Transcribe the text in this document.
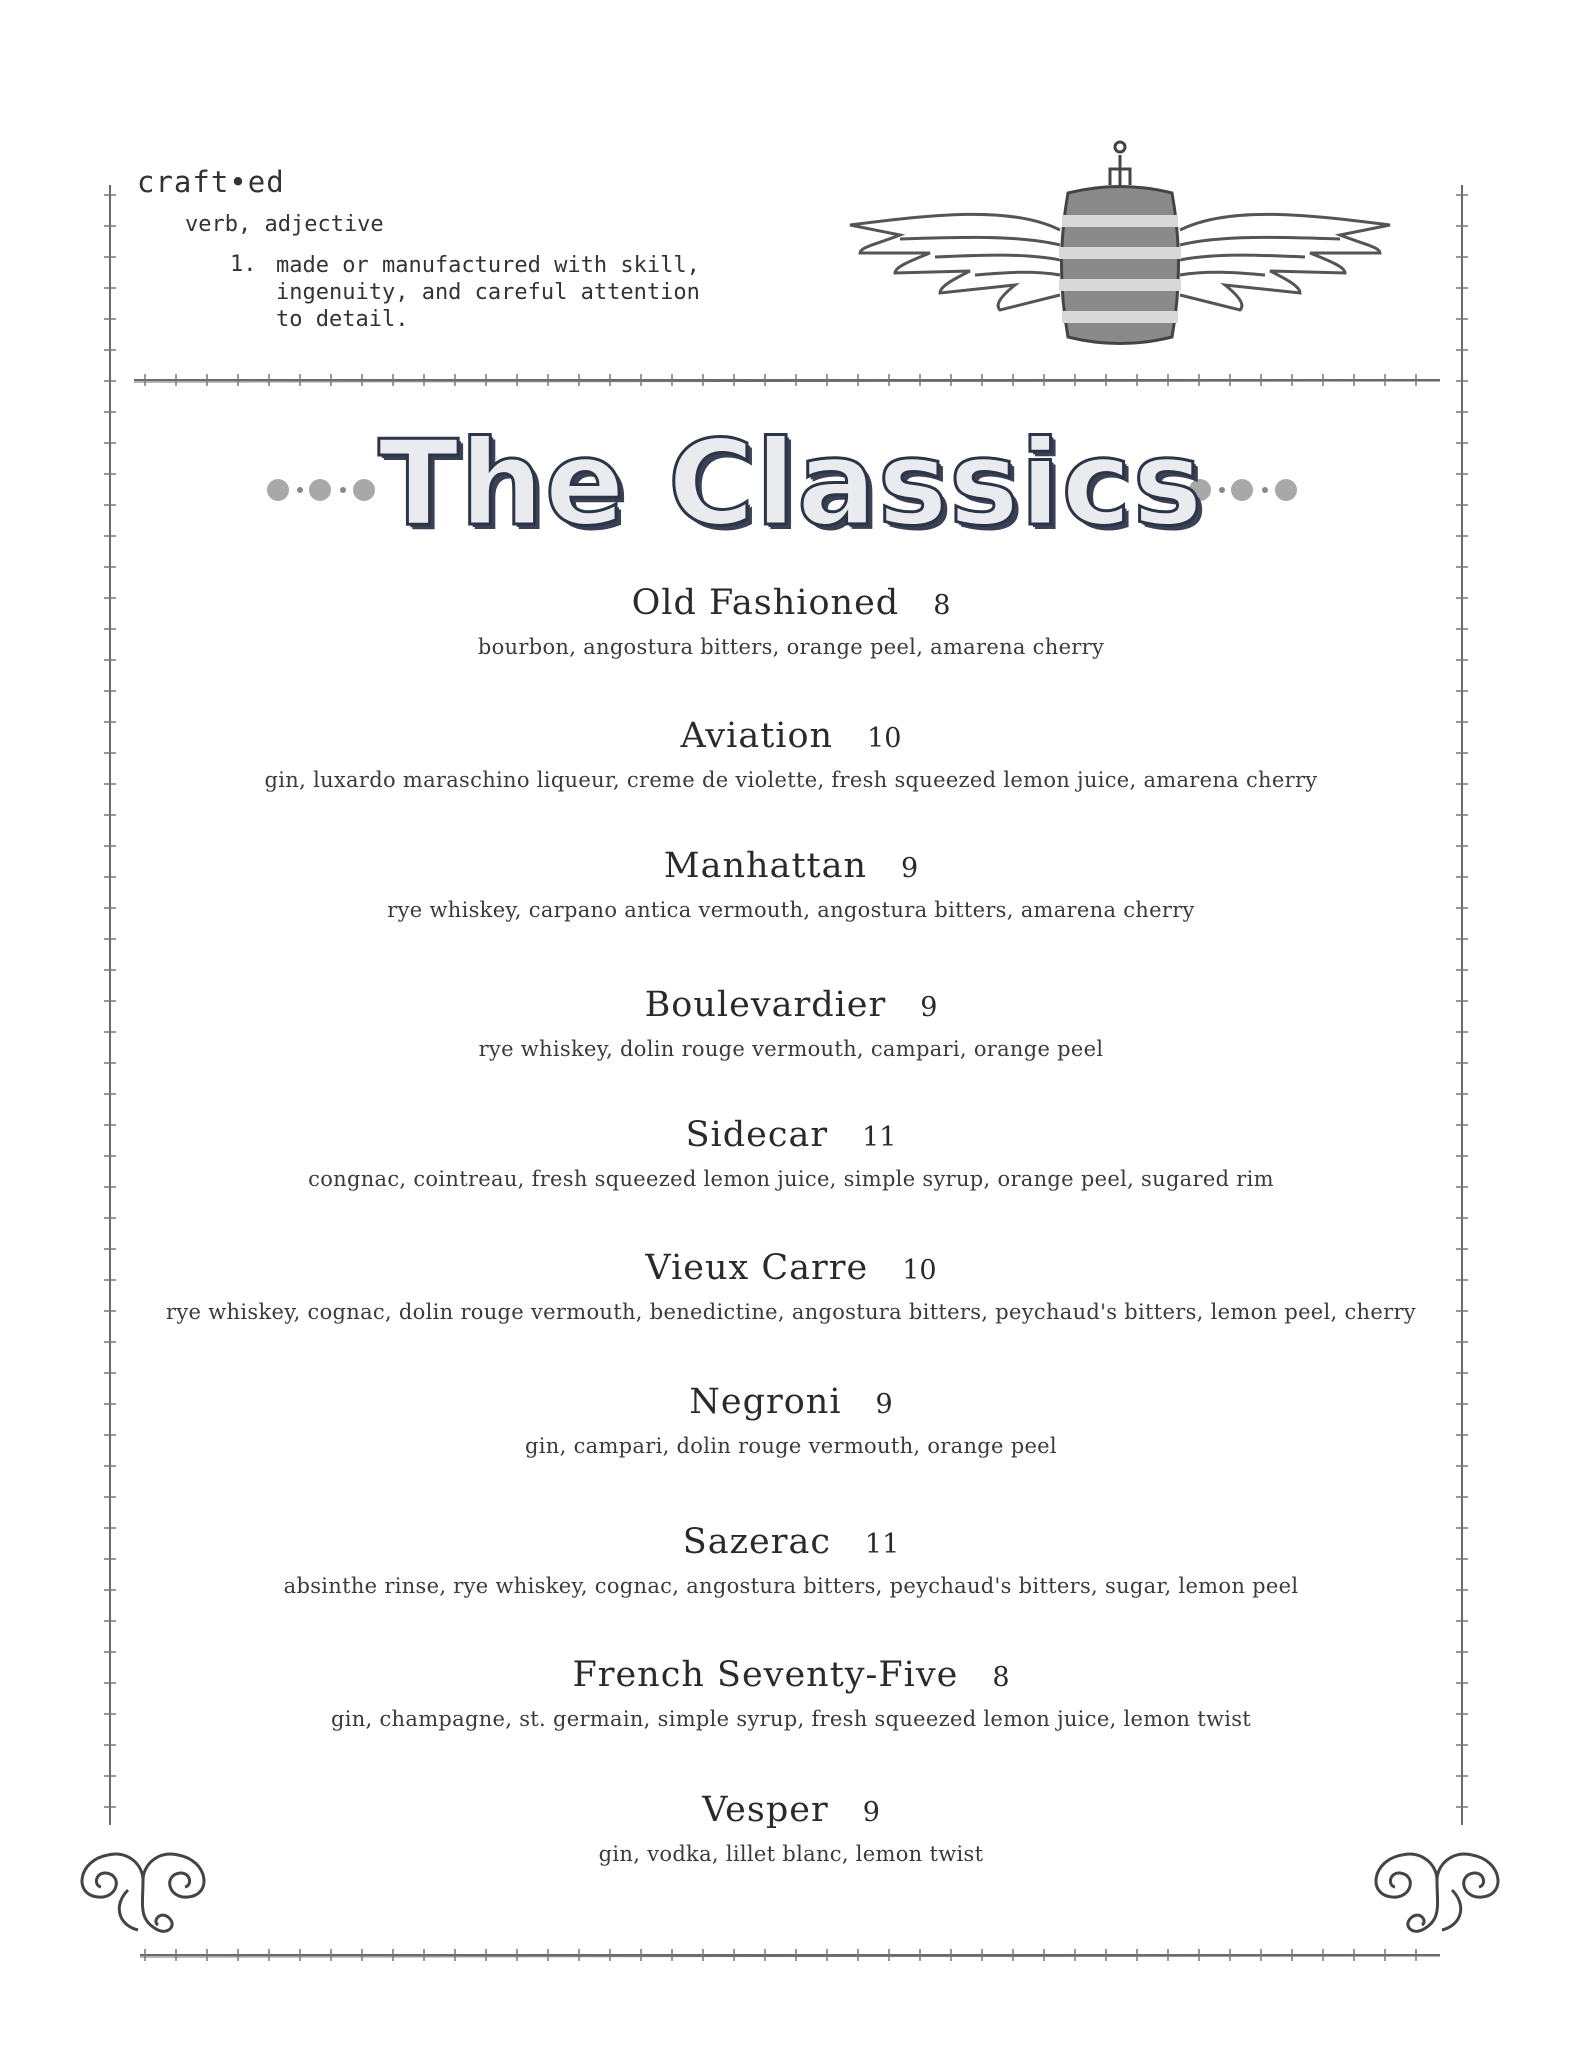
craft•ed
verb, adjective
1. made or manufactured with skill, ingenuity, and careful attention to detail.
The Classics
Old Fashioned 8
bourbon, angostura bitters, orange peel, amarena cherry
Aviation 10
gin, luxardo maraschino liqueur, creme de violette, fresh squeezed lemon juice, amarena cherry
Manhattan 9
rye whiskey, carpano antica vermouth, angostura bitters, amarena cherry
Boulevardier 9
rye whiskey, dolin rouge vermouth, campari, orange peel
Sidecar 11
congnac, cointreau, fresh squeezed lemon juice, simple syrup, orange peel, sugared rim
Vieux Carre 10
rye whiskey, cognac, dolin rouge vermouth, benedictine, angostura bitters, peychaud's bitters, lemon peel, cherry
Negroni 9
gin, campari, dolin rouge vermouth, orange peel
Sazerac 11
absinthe rinse, rye whiskey, cognac, angostura bitters, peychaud's bitters, sugar, lemon peel
French Seventy-Five 8
gin, champagne, st. germain, simple syrup, fresh squeezed lemon juice, lemon twist
Vesper 9
gin, vodka, lillet blanc, lemon twist
